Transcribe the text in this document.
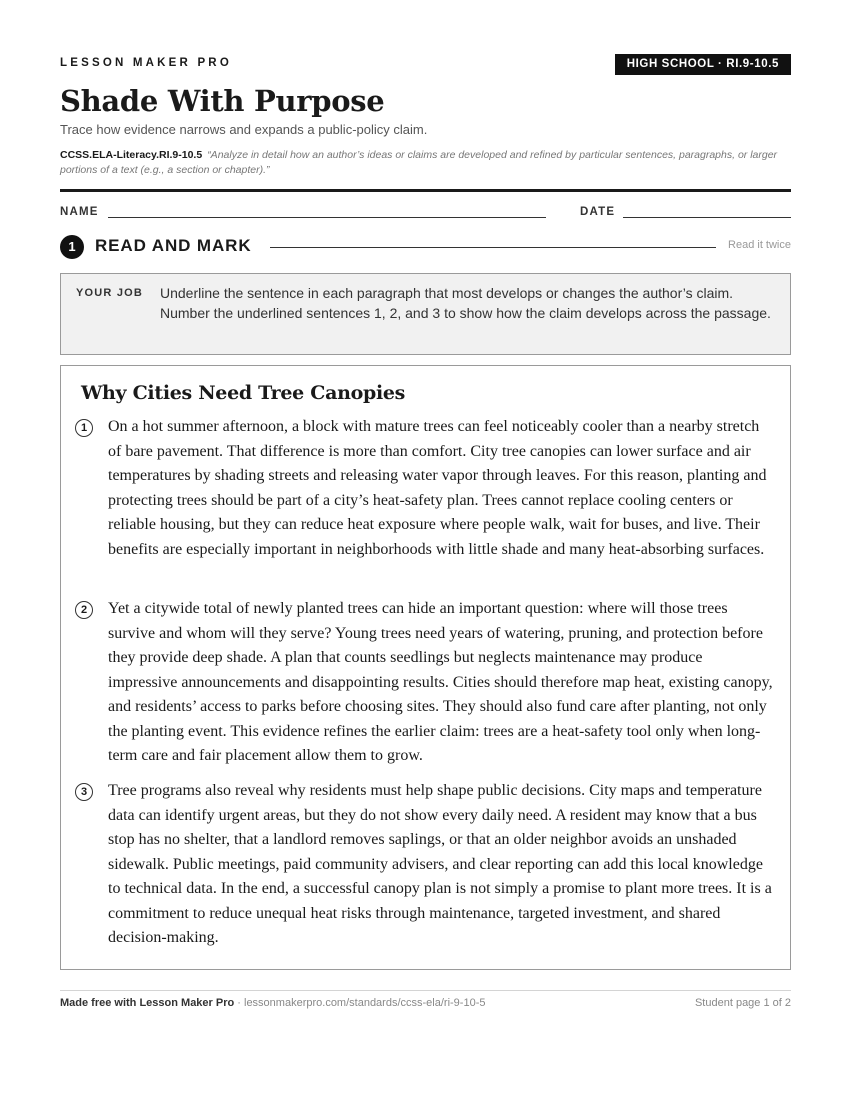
LESSON MAKER PRO	HIGH SCHOOL · RI.9-10.5
Shade With Purpose
Trace how evidence narrows and expands a public-policy claim.
CCSS.ELA-Literacy.RI.9-10.5 “Analyze in detail how an author’s ideas or claims are developed and refined by particular sentences, paragraphs, or larger portions of a text (e.g., a section or chapter).”
NAME	DATE
1	READ AND MARK	Read it twice
YOUR JOB Underline the sentence in each paragraph that most develops or changes the author’s claim. Number the underlined sentences 1, 2, and 3 to show how the claim develops across the passage.
Why Cities Need Tree Canopies
1	On a hot summer afternoon, a block with mature trees can feel noticeably cooler than a nearby stretch of bare pavement. That difference is more than comfort. City tree canopies can lower surface and air temperatures by shading streets and releasing water vapor through leaves. For this reason, planting and protecting trees should be part of a city’s heat-safety plan. Trees cannot replace cooling centers or reliable housing, but they can reduce heat exposure where people walk, wait for buses, and live. Their benefits are especially important in neighborhoods with little shade and many heat-absorbing surfaces.

2	Yet a citywide total of newly planted trees can hide an important question: where will those trees survive and whom will they serve? Young trees need years of watering, pruning, and protection before they provide deep shade. A plan that counts seedlings but neglects maintenance may produce impressive announcements and disappointing results. Cities should therefore map heat, existing canopy, and residents’ access to parks before choosing sites. They should also fund care after planting, not only the planting event. This evidence refines the earlier claim: trees are a heat-safety tool only when long-term care and fair placement allow them to grow.

3	Tree programs also reveal why residents must help shape public decisions. City maps and temperature data can identify urgent areas, but they do not show every daily need. A resident may know that a bus stop has no shelter, that a landlord removes saplings, or that an older neighbor avoids an unshaded sidewalk. Public meetings, paid community advisers, and clear reporting can add this local knowledge to technical data. In the end, a successful canopy plan is not simply a promise to plant more trees. It is a commitment to reduce unequal heat risks through maintenance, targeted investment, and shared decision-making.

Made free with Lesson Maker Pro · lessonmakerpro.com/standards/ccss-ela/ri-9-10-5	Student page 1 of 2
